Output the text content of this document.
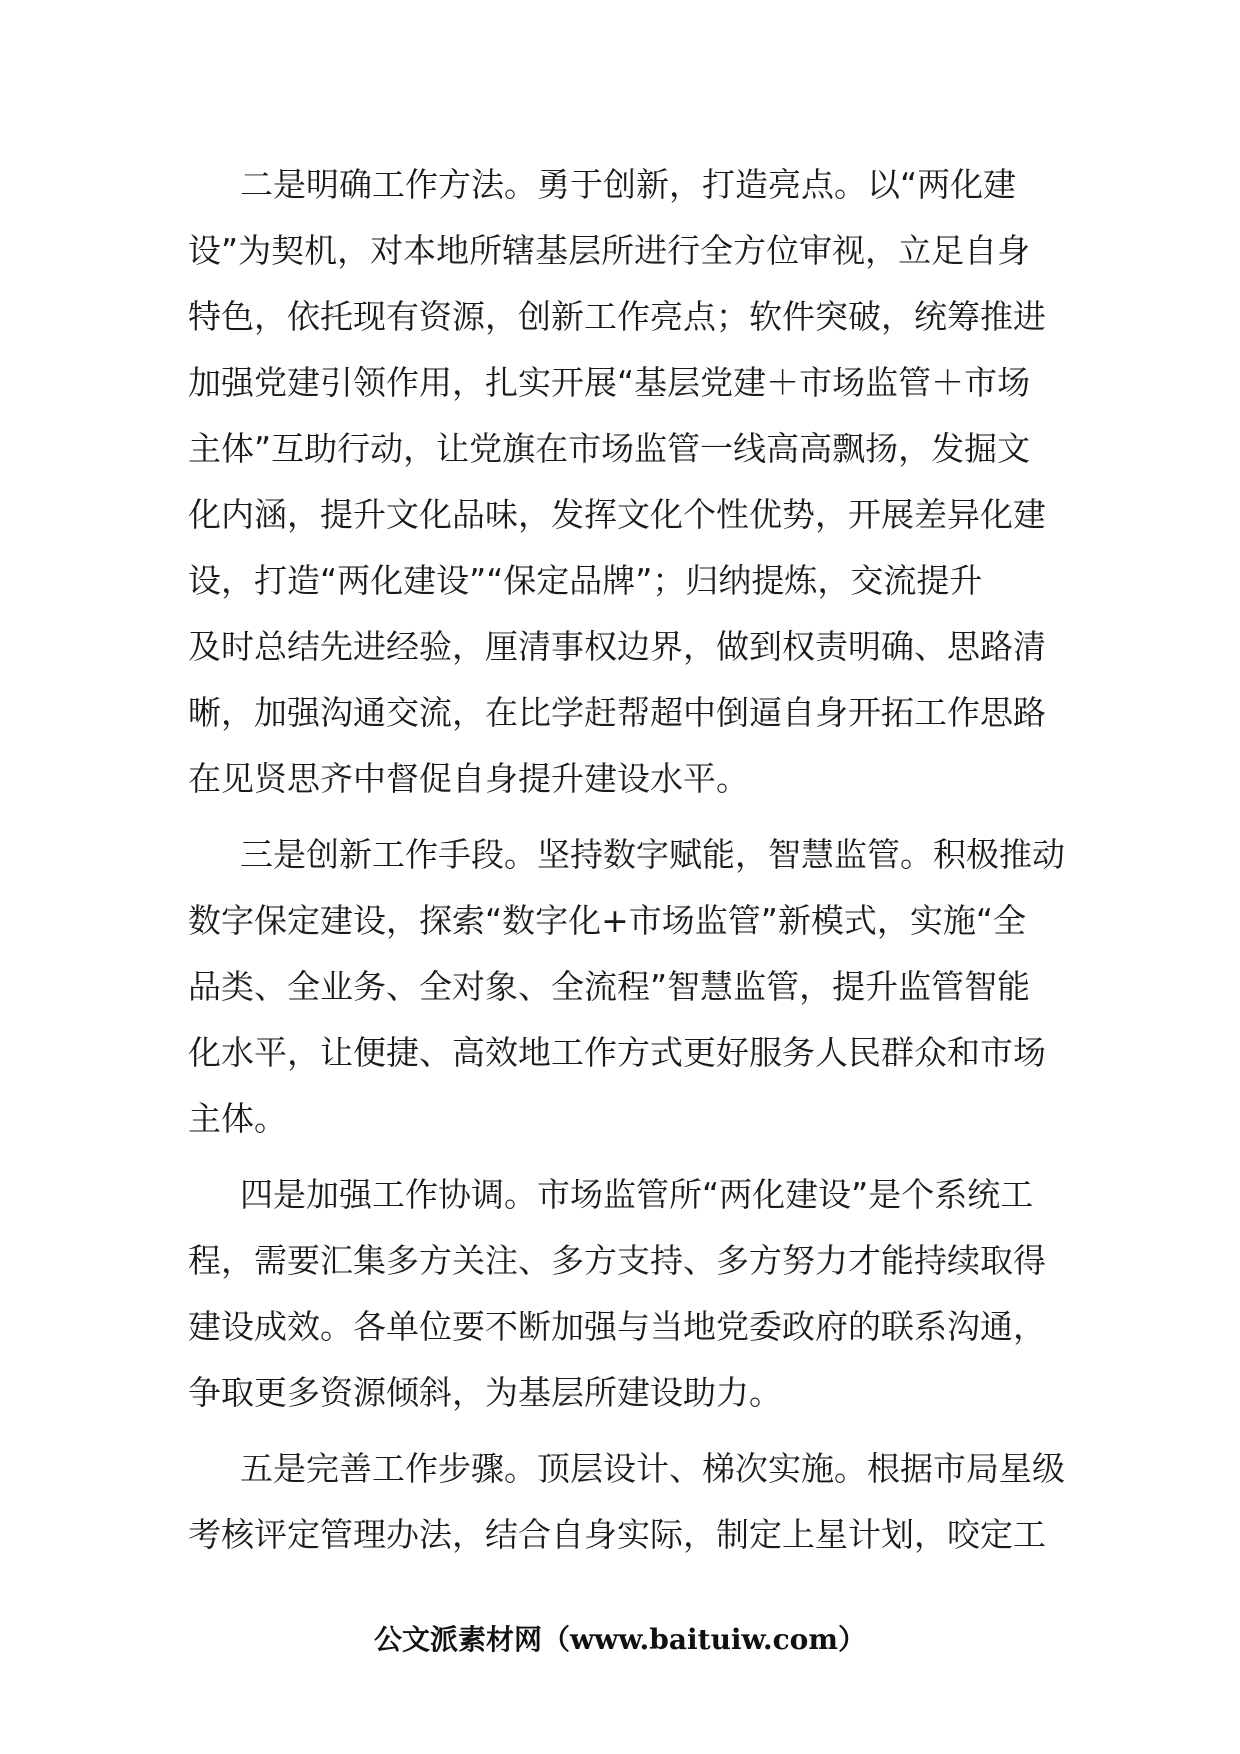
二是明确工作方法。勇于创新，打造亮点。以“两化建
设”为契机，对本地所辖基层所进行全方位审视，立足自身
特色，依托现有资源，创新工作亮点；软件突破，统筹推进
加强党建引领作用，扎实开展“基层党建＋市场监管＋市场
主体”互助行动，让党旗在市场监管一线高高飘扬，发掘文
化内涵，提升文化品味，发挥文化个性优势，开展差异化建
设，打造“两化建设”“保定品牌”；归纳提炼，交流提升
及时总结先进经验，厘清事权边界，做到权责明确、思路清
晰，加强沟通交流，在比学赶帮超中倒逼自身开拓工作思路
在见贤思齐中督促自身提升建设水平。
三是创新工作手段。坚持数字赋能，智慧监管。积极推动
数字保定建设，探索“数字化+市场监管”新模式，实施“全
品类、全业务、全对象、全流程”智慧监管，提升监管智能
化水平，让便捷、高效地工作方式更好服务人民群众和市场
主体。
四是加强工作协调。市场监管所“两化建设”是个系统工
程，需要汇集多方关注、多方支持、多方努力才能持续取得
建设成效。各单位要不断加强与当地党委政府的联系沟通，
争取更多资源倾斜，为基层所建设助力。
五是完善工作步骤。顶层设计、梯次实施。根据市局星级
考核评定管理办法，结合自身实际，制定上星计划，咬定工
公文派素材网（www.baituiw.com）
